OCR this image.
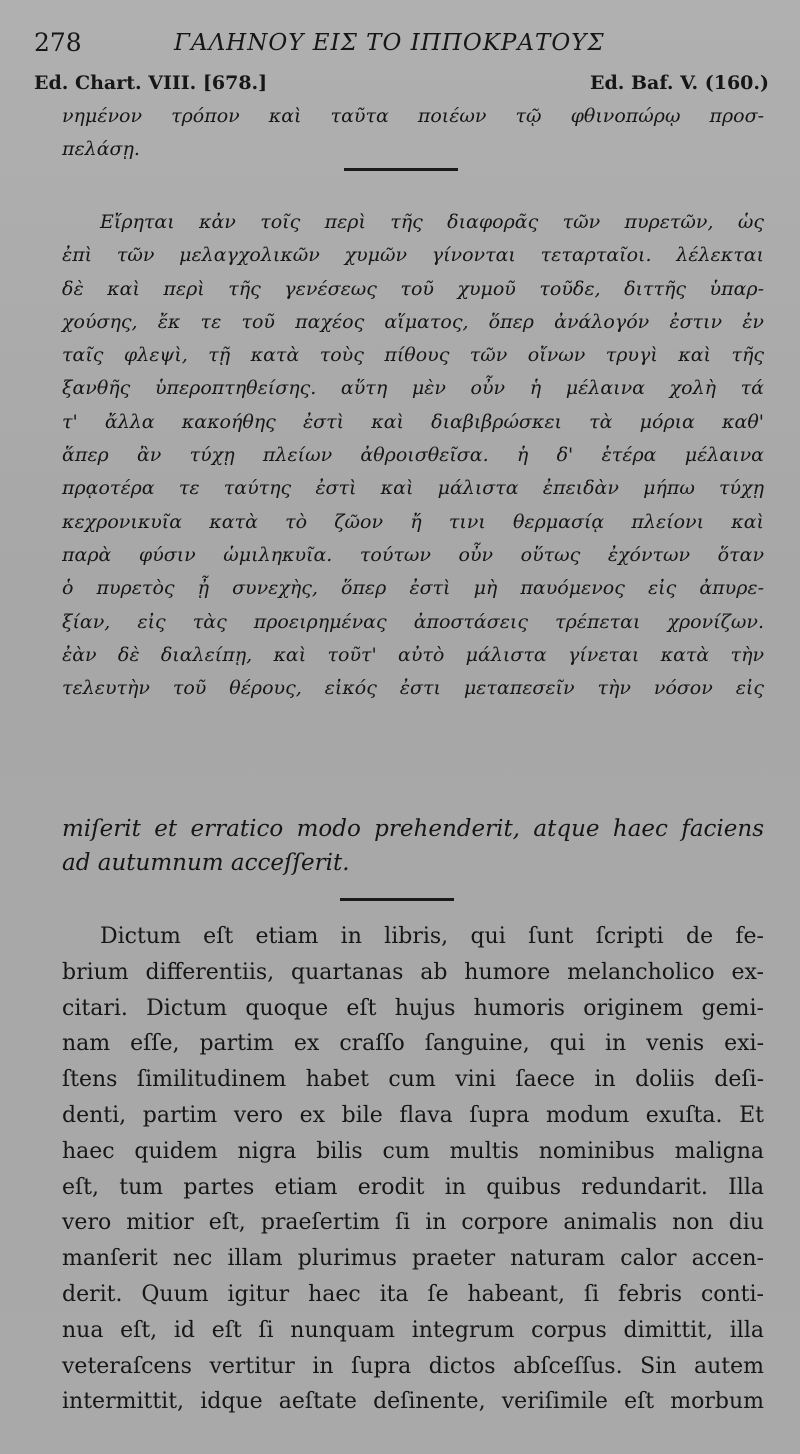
278	ΓΑΛΗΝΟΥ ΕΙΣ ΤΟ ΙΠΠΟΚΡΑΤΟΥΣ
Ed. Chart. VIII. [678.]	Ed. Baf. V. (160.)
νημένον τρόπον καὶ ταῦτα ποιέων τῷ φθινοπώρῳ προσ-
πελάσῃ.
Εἴρηται κἀν τοῖς περὶ τῆς διαφορᾶς τῶν πυρετῶν, ὡς
ἐπὶ τῶν μελαγχολικῶν χυμῶν γίνονται τεταρταῖοι. λέλεκται
δὲ καὶ περὶ τῆς γενέσεως τοῦ χυμοῦ τοῦδε, διττῆς ὑπαρ-
χούσης, ἔκ τε τοῦ παχέος αἵματος, ὅπερ ἀνάλογόν ἐστιν ἐν
ταῖς φλεψὶ, τῇ κατὰ τοὺς πίθους τῶν οἴνων τρυγὶ καὶ τῆς
ξανθῆς ὑπεροπτηθείσης. αὕτη μὲν οὖν ἡ μέλαινα χολὴ τά
τ' ἄλλα κακοήθης ἐστὶ καὶ διαβιβρώσκει τὰ μόρια καθ'
ἅπερ ἂν τύχῃ πλείων ἀθροισθεῖσα. ἡ δ' ἑτέρα μέλαινα
πρᾳοτέρα τε ταύτης ἐστὶ καὶ μάλιστα ἐπειδὰν μήπω τύχῃ
κεχρονικυῖα κατὰ τὸ ζῶον ἤ τινι θερμασίᾳ πλείονι καὶ
παρὰ φύσιν ὡμιληκυῖα. τούτων οὖν οὕτως ἐχόντων ὅταν
ὁ πυρετὸς ᾖ συνεχὴς, ὅπερ ἐστὶ μὴ παυόμενος εἰς ἀπυρε-
ξίαν, εἰς τὰς προειρημένας ἀποστάσεις τρέπεται χρονίζων.
ἐὰν δὲ διαλείπῃ, καὶ τοῦτ' αὐτὸ μάλιστα γίνεται κατὰ τὴν
τελευτὴν τοῦ θέρους, εἰκός ἐστι μεταπεσεῖν τὴν νόσον εἰς
miſerit et erratico modo prehenderit, atque haec faciens
ad autumnum acceſſerit.
Dictum eſt etiam in libris, qui ſunt ſcripti de fe-
brium differentiis, quartanas ab humore melancholico ex-
citari. Dictum quoque eſt hujus humoris originem gemi-
nam eſſe, partim ex craſſo ſanguine, qui in venis exi-
ſtens ſimilitudinem habet cum vini ſaece in doliis deſi-
denti, partim vero ex bile flava ſupra modum exuſta. Et
haec quidem nigra bilis cum multis nominibus maligna
eſt, tum partes etiam erodit in quibus redundarit. Illa
vero mitior eſt, praeſertim ſi in corpore animalis non diu
manſerit nec illam plurimus praeter naturam calor accen-
derit. Quum igitur haec ita ſe habeant, ſi febris conti-
nua eſt, id eſt ſi nunquam integrum corpus dimittit, illa
veteraſcens vertitur in ſupra dictos abſceſſus. Sin autem
intermittit, idque aeſtate deſinente, veriſimile eſt morbum
